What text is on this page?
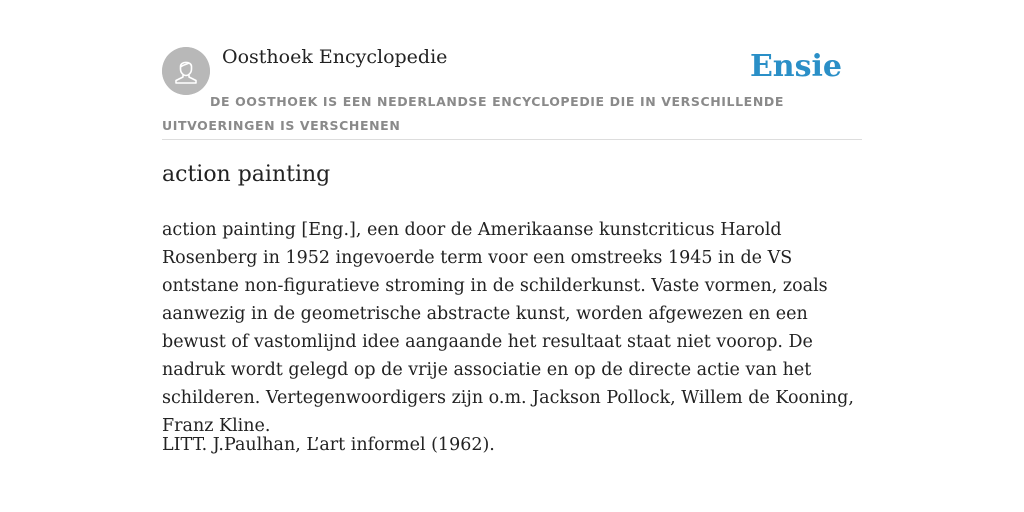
Oosthoek Encyclopedie	Ensie
DE OOSTHOEK IS EEN NEDERLANDSE ENCYCLOPEDIE DIE IN VERSCHILLENDE UITVOERINGEN IS VERSCHENEN
action painting

action painting [Eng.], een door de Amerikaanse kunstcriticus Harold Rosenberg in 1952 ingevoerde term voor een omstreeks 1945 in de VS ontstane non-figuratieve stroming in de schilderkunst. Vaste vormen, zoals aanwezig in de geometrische abstracte kunst, worden afgewezen en een bewust of vastomlijnd idee aangaande het resultaat staat niet voorop. De nadruk wordt gelegd op de vrije associatie en op de directe actie van het schilderen. Vertegenwoordigers zijn o.m. Jackson Pollock, Willem de Kooning, Franz Kline.

LITT. J.Paulhan, L’art informel (1962).
